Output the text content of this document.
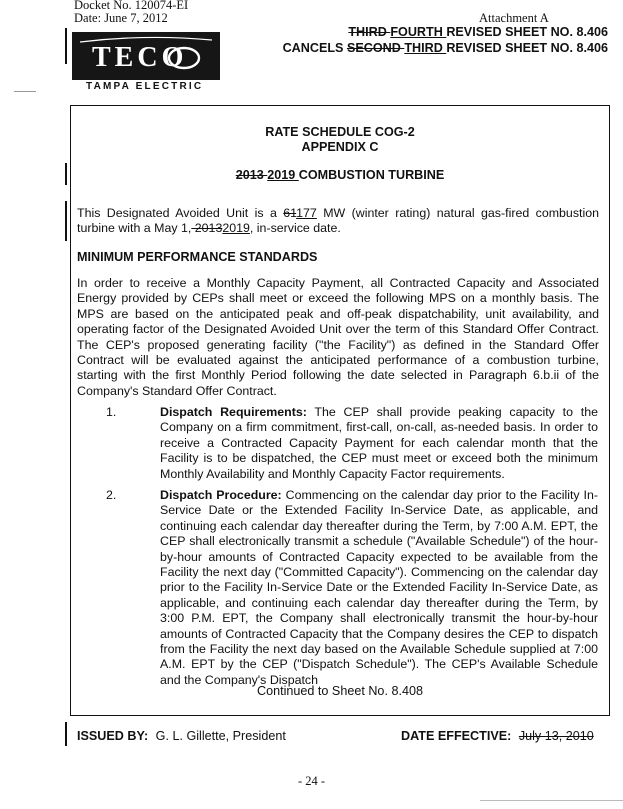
Docket No. 120074-EI
Date: June 7, 2012	Attachment A
THIRD FOURTH REVISED SHEET NO. 8.406
CANCELS SECOND THIRD REVISED SHEET NO. 8.406
TECO
TAMPA ELECTRIC
RATE SCHEDULE COG-2
APPENDIX C
2013 2019 COMBUSTION TURBINE

This Designated Avoided Unit is a 61177 MW (winter rating) natural gas-fired combustion turbine with a May 1, 20132019, in-service date.

MINIMUM PERFORMANCE STANDARDS

In order to receive a Monthly Capacity Payment, all Contracted Capacity and Associated Energy provided by CEPs shall meet or exceed the following MPS on a monthly basis. The MPS are based on the anticipated peak and off-peak dispatchability, unit availability, and operating factor of the Designated Avoided Unit over the term of this Standard Offer Contract. The CEP's proposed generating facility ("the Facility") as defined in the Standard Offer Contract will be evaluated against the anticipated performance of a combustion turbine, starting with the first Monthly Period following the date selected in Paragraph 6.b.ii of the Company's Standard Offer Contract.

1.	Dispatch Requirements: The CEP shall provide peaking capacity to the Company on a firm commitment, first-call, on-call, as-needed basis. In order to receive a Contracted Capacity Payment for each calendar month that the Facility is to be dispatched, the CEP must meet or exceed both the minimum Monthly Availability and Monthly Capacity Factor requirements.

2.	Dispatch Procedure: Commencing on the calendar day prior to the Facility In-Service Date or the Extended Facility In-Service Date, as applicable, and continuing each calendar day thereafter during the Term, by 7:00 A.M. EPT, the CEP shall electronically transmit a schedule ("Available Schedule") of the hour-by-hour amounts of Contracted Capacity expected to be available from the Facility the next day ("Committed Capacity"). Commencing on the calendar day prior to the Facility In-Service Date or the Extended Facility In-Service Date, as applicable, and continuing each calendar day thereafter during the Term, by 3:00 P.M. EPT, the Company shall electronically transmit the hour-by-hour amounts of Contracted Capacity that the Company desires the CEP to dispatch from the Facility the next day based on the Available Schedule supplied at 7:00 A.M. EPT by the CEP ("Dispatch Schedule"). The CEP's Available Schedule and the Company's Dispatch

Continued to Sheet No. 8.408
ISSUED BY: G. L. Gillette, President	DATE EFFECTIVE: July 13, 2010
- 24 -
